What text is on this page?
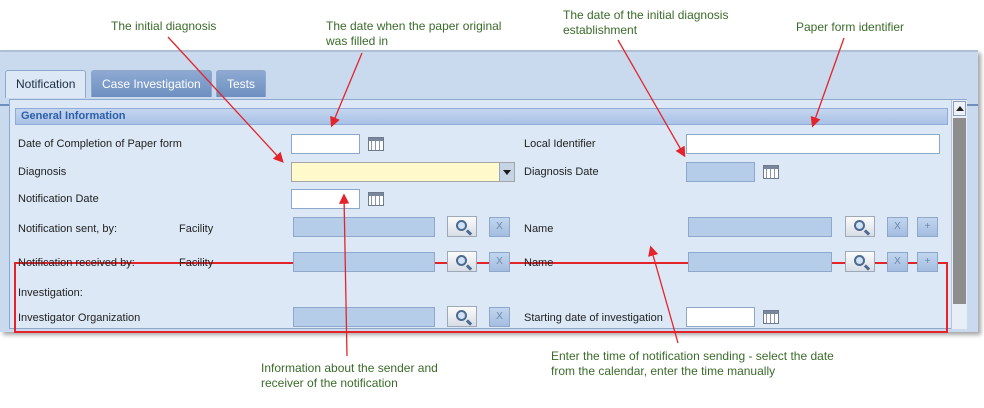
The initial diagnosis	The date when the paper original was filled in
The date of the initial diagnosis establishment	Paper form identifier
Information about the sender and receiver of the notification
Enter the time of notification sending - select the date from the calendar, enter the time manually
Notification	Case Investigation	Tests
General Information
Date of Completion of Paper form	Local Identifier
Diagnosis	Diagnosis Date
Notification Date
Notification sent, by:	Facility	X	Name	X	+
Notification received by:	Facility	X	Name	X	+
Investigation:
Investigator Organization	X	Starting date of investigation
